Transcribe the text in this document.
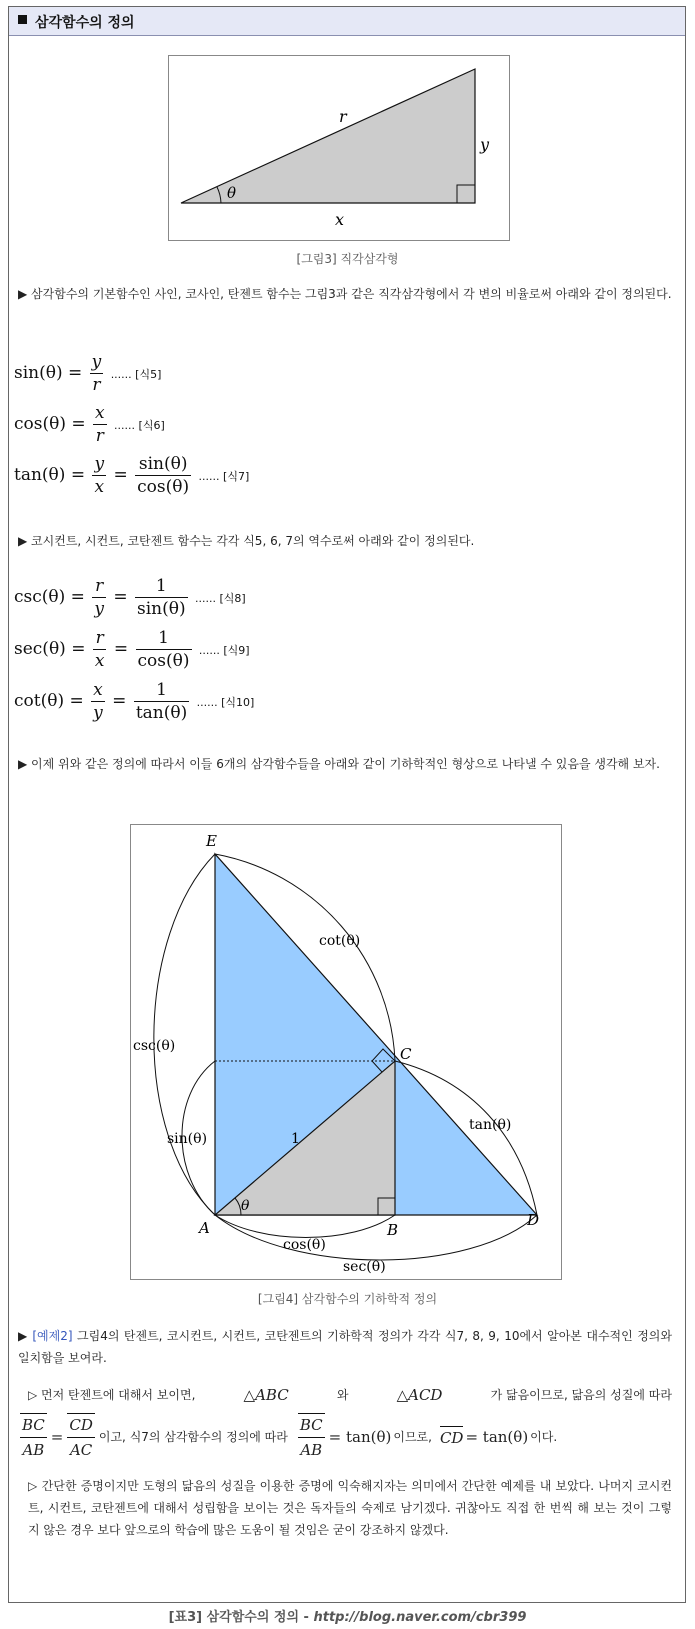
삼각함수의 정의
r
y
x
θ
[그림3] 직각삼각형
▶ 삼각함수의 기본함수인 사인, 코사인, 탄젠트 함수는 그림3과 같은 직각삼각형에서 각 변의 비율로써 아래와 같이 정의된다.
$\sin(\theta) = \frac{y}{r}$ ...... [식5]
$\cos(\theta) = \frac{x}{r}$ ...... [식6]
$\tan(\theta) = \frac{y}{x} = \frac{\sin(\theta)}{\cos(\theta)}$ ...... [식7]
▶ 코시컨트, 시컨트, 코탄젠트 함수는 각각 식5, 6, 7의 역수로써 아래와 같이 정의된다.
$\csc(\theta) = \frac{r}{y} = \frac{1}{\sin(\theta)}$ ...... [식8]
$\sec(\theta) = \frac{r}{x} = \frac{1}{\cos(\theta)}$ ...... [식9]
$\cot(\theta) = \frac{x}{y} = \frac{1}{\tan(\theta)}$ ...... [식10]
▶ 이제 위와 같은 정의에 따라서 이들 6개의 삼각함수들을 아래와 같이 기하학적인 형상으로 나타낼 수 있음을 생각해 보자.
E
C
A	B
D
cot(θ)
csc(θ)
sin(θ)
tan(θ)
cos(θ)
sec(θ)
1
θ
[그림4] 삼각함수의 기하학적 정의
▶ [예제2] 그림4의 탄젠트, 코시컨트, 시컨트, 코탄젠트의 기하학적 정의가 각각 식7, 8, 9, 10에서 알아본 대수적인 정의와 일치함을 보여라.
▷ 먼저 탄젠트에 대해서 보이면,	△ABC	와	△ACD	가 닮음이므로, 닮음의 성질에 따라
$\frac{BC}{AB} = \frac{CD}{AC}$ 이고, 식7의 삼각함수의 정의에 따라 $\frac{BC}{AB} = \tan(\theta)$ 이므로, CD = tan(θ) 이다.
▷ 간단한 증명이지만 도형의 닮음의 성질을 이용한 증명에 익숙해지자는 의미에서 간단한 예제를 내 보았다. 나머지 코시컨트, 시컨트, 코탄젠트에 대해서 성립함을 보이는 것은 독자들의 숙제로 남기겠다. 귀찮아도 직접 한 번씩 해 보는 것이 그렇지 않은 경우 보다 앞으로의 학습에 많은 도움이 될 것임은 굳이 강조하지 않겠다.
[표3] 삼각함수의 정의 - http://blog.naver.com/cbr399
